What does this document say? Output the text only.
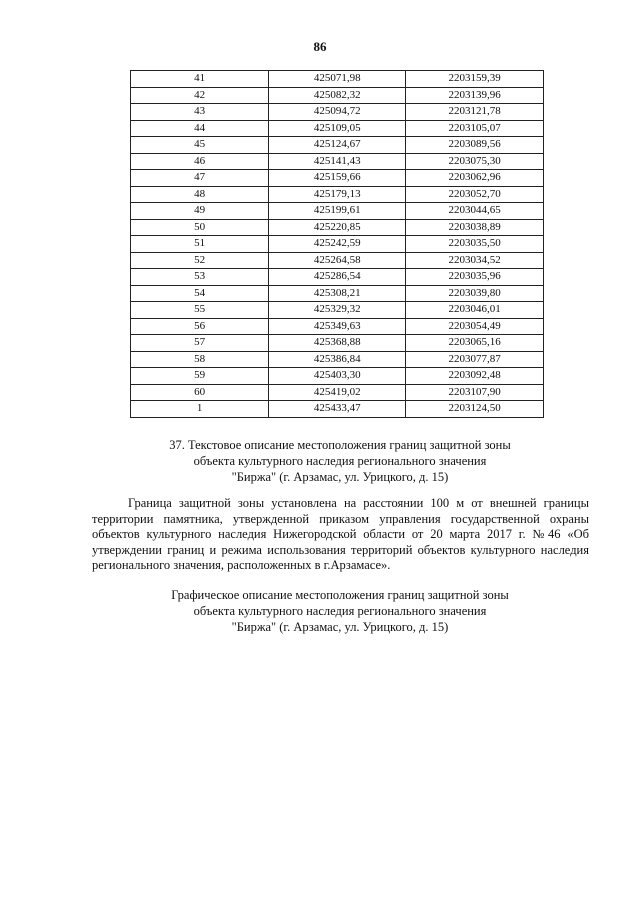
86
41	425071,98	2203159,39
42	425082,32	2203139,96
43	425094,72	2203121,78
44	425109,05	2203105,07
45	425124,67	2203089,56
46	425141,43	2203075,30
47	425159,66	2203062,96
48	425179,13	2203052,70
49	425199,61	2203044,65
50	425220,85	2203038,89
51	425242,59	2203035,50
52	425264,58	2203034,52
53	425286,54	2203035,96
54	425308,21	2203039,80
55	425329,32	2203046,01
56	425349,63	2203054,49
57	425368,88	2203065,16
58	425386,84	2203077,87
59	425403,30	2203092,48
60	425419,02	2203107,90
1	425433,47	2203124,50

37. Текстовое описание местоположения границ защитной зоны

объекта культурного наследия регионального значения

"Биржа" (г. Арзамас, ул. Урицкого, д. 15)

Граница защитной зоны установлена на расстоянии 100 м от внешней границы территории памятника, утвержденной приказом управления государственной охраны объектов культурного наследия Нижегородской области от 20 марта 2017 г. №46 «Об утверждении границ и режима использования территорий объектов культурного наследия регионального значения, расположенных в г.Арзамасе».

Графическое описание местоположения границ защитной зоны

объекта культурного наследия регионального значения

"Биржа" (г. Арзамас, ул. Урицкого, д. 15)
